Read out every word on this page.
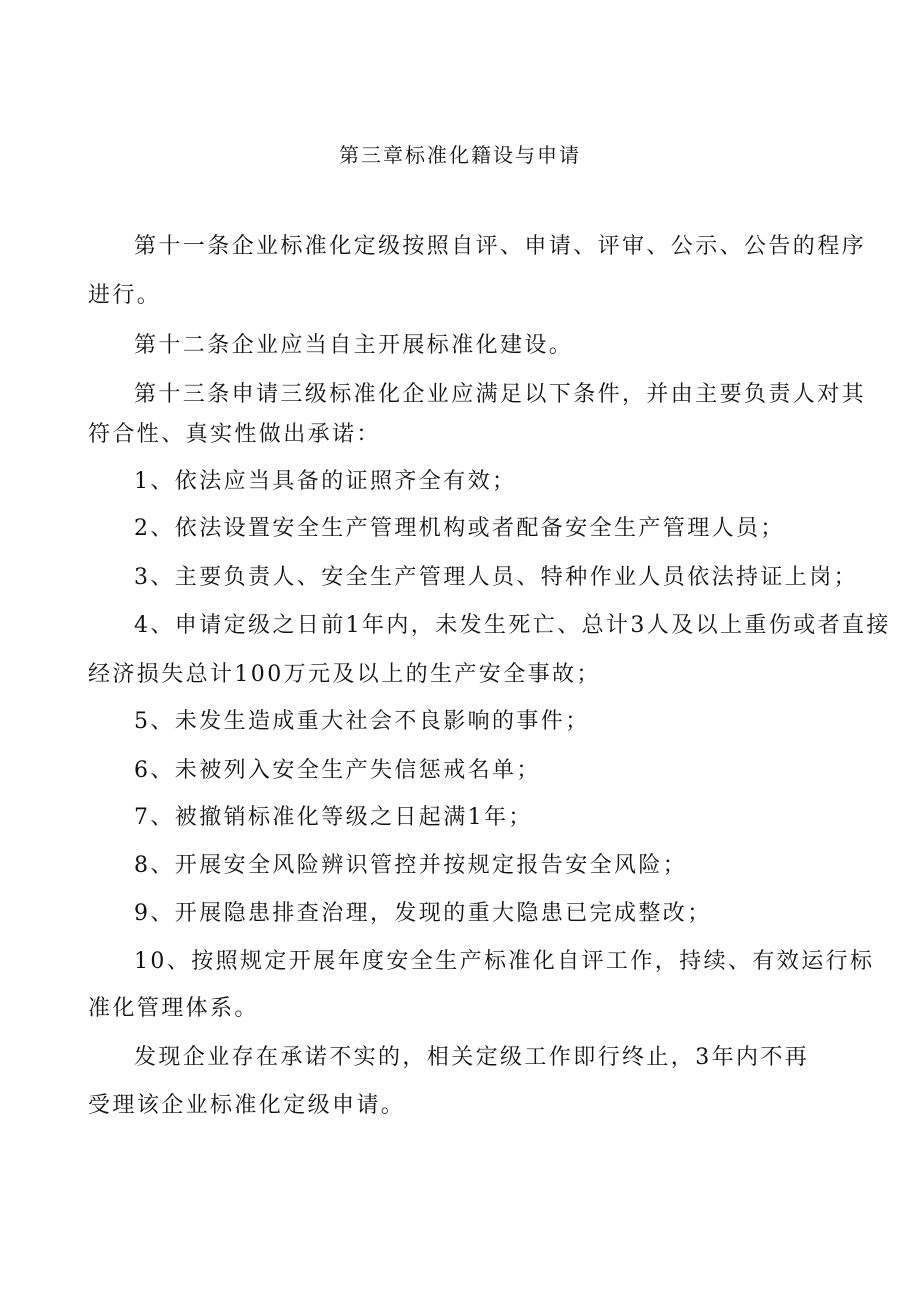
第三章标准化籍设与申请
第十一条企业标准化定级按照自评、申请、评审、公示、公告的程序
进行。
第十二条企业应当自主开展标准化建设。
第十三条申请三级标准化企业应满足以下条件，并由主要负责人对其
符合性、真实性做出承诺：
1、依法应当具备的证照齐全有效；
2、依法设置安全生产管理机构或者配备安全生产管理人员；
3、主要负责人、安全生产管理人员、特种作业人员依法持证上岗；
4、申请定级之日前1年内，未发生死亡、总计3人及以上重伤或者直接
经济损失总计100万元及以上的生产安全事故；
5、未发生造成重大社会不良影响的事件；
6、未被列入安全生产失信惩戒名单；
7、被撤销标准化等级之日起满1年；
8、开展安全风险辨识管控并按规定报告安全风险；
9、开展隐患排查治理，发现的重大隐患已完成整改；
10、按照规定开展年度安全生产标准化自评工作，持续、有效运行标
准化管理体系。
发现企业存在承诺不实的，相关定级工作即行终止，3年内不再
受理该企业标准化定级申请。
